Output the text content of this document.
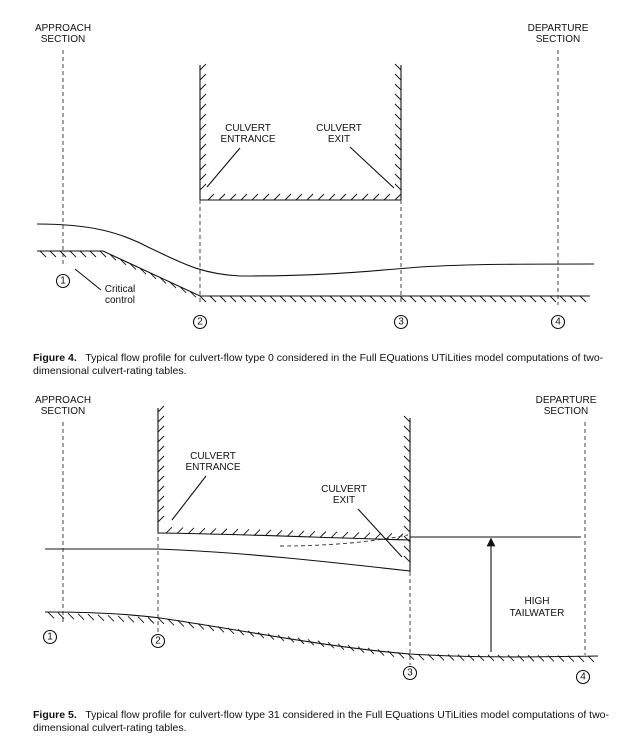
APPROACH
SECTION
DEPARTURE
SECTION
CULVERT
ENTRANCE
CULVERT
EXIT
Critical
control
1
2	3	4
APPROACH
SECTION
DEPARTURE
SECTION
CULVERT
ENTRANCE
CULVERT
EXIT
HIGH
TAILWATER
1	2
3	4
Figure 4. Typical flow profile for culvert-flow type 0 considered in the Full EQuations UTiLities model computations of two-dimensional culvert-rating tables.
Figure 5. Typical flow profile for culvert-flow type 31 considered in the Full EQuations UTiLities model computations of two-dimensional culvert-rating tables.
